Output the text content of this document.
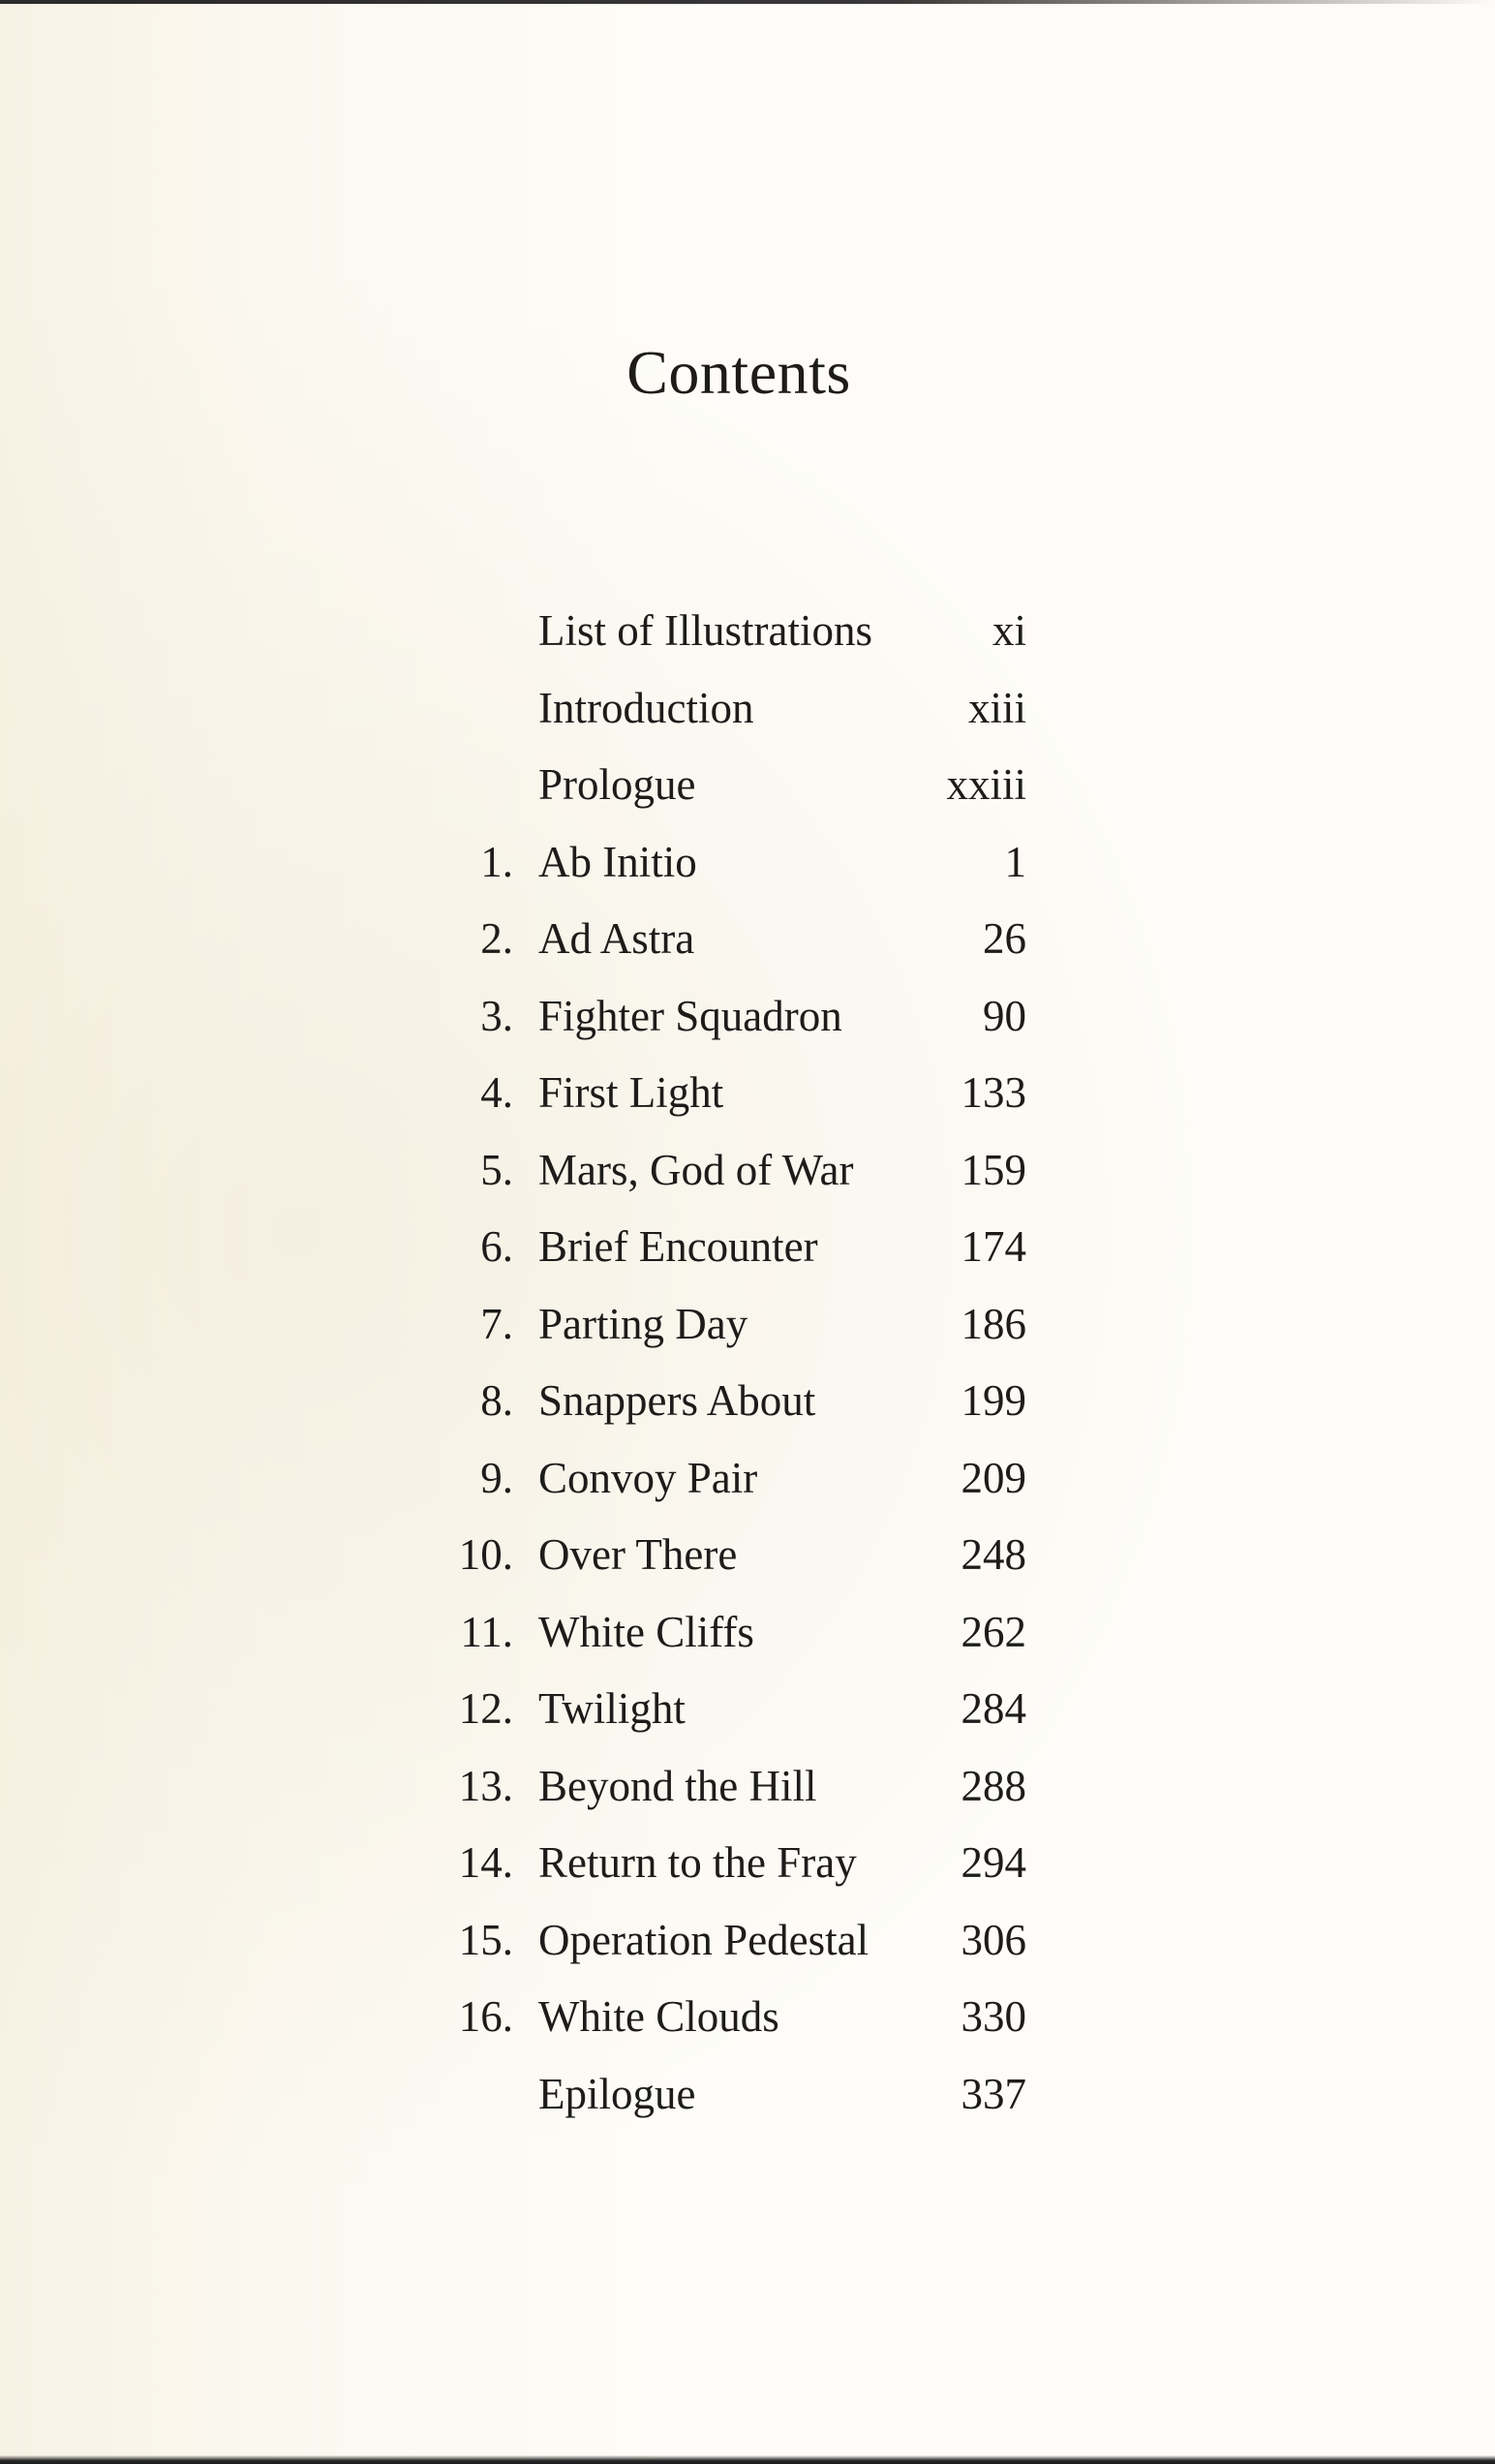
Contents
List of Illustrations	xi
Introduction	xiii
Prologue	xxiii
1. Ab Initio	1
2. Ad Astra	26
3. Fighter Squadron	90
4. First Light	133
5. Mars, God of War 159
6. Brief Encounter	174
7. Parting Day	186
8. Snappers About	199
9. Convoy Pair	209
10. Over There	248
11. White Cliffs	262
12. Twilight	284
13. Beyond the Hill	288
14. Return to the Fray 294
15. Operation Pedestal 306
16. White Clouds	330
Epilogue	337
